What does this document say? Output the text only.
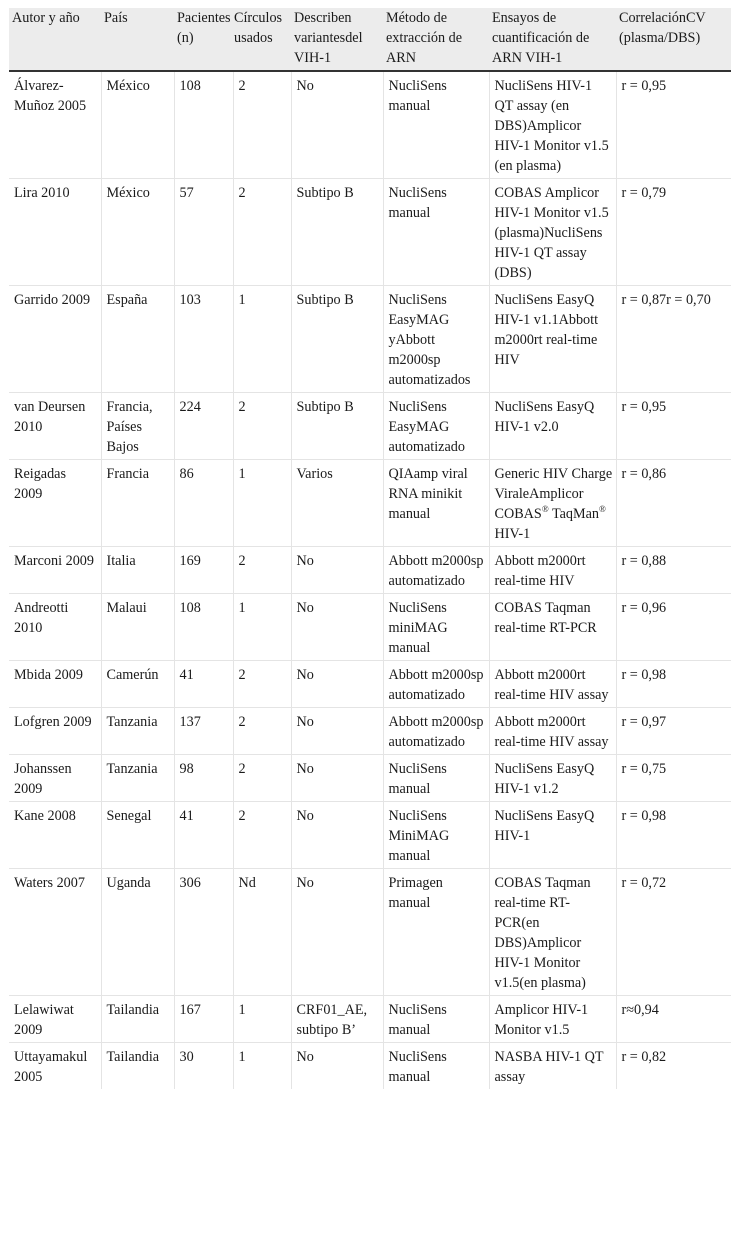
Autor y año	País	Pacientes (n)	Círculos usados	Describen variantesdel VIH-1	Método de extracción de ARN	Ensayos de cuantificación de ARN VIH-1	CorrelaciónCV (plasma/DBS)
Álvarez-Muñoz 2005	México	108	2	No	NucliSens manual	NucliSens HIV-1 QT assay (en DBS)Amplicor HIV-1 Monitor v1.5 (en plasma)	r = 0,95
Lira 2010	México	57	2	Subtipo B	NucliSens manual	COBAS Amplicor HIV-1 Monitor v1.5 (plasma)NucliSens HIV-1 QT assay (DBS)	r = 0,79
Garrido 2009	España	103	1	Subtipo B	NucliSens EasyMAG yAbbott m2000sp automatizados	NucliSens EasyQ HIV-1 v1.1Abbott m2000rt real-time HIV	r = 0,87r = 0,70
van Deursen 2010	Francia, Países Bajos	224	2	Subtipo B	NucliSens EasyMAG automatizado	NucliSens EasyQ HIV-1 v2.0	r = 0,95
Reigadas 2009	Francia	86	1	Varios	QIAamp viral RNA minikit manual	Generic HIV Charge ViraleAmplicor COBAS® TaqMan® HIV-1	r = 0,86
Marconi 2009	Italia	169	2	No	Abbott m2000sp automatizado	Abbott m2000rt real-time HIV	r = 0,88
Andreotti 2010	Malaui	108	1	No	NucliSens miniMAG manual	COBAS Taqman real-time RT-PCR	r = 0,96
Mbida 2009	Camerún	41	2	No	Abbott m2000sp automatizado	Abbott m2000rt real-time HIV assay	r = 0,98
Lofgren 2009	Tanzania	137	2	No	Abbott m2000sp automatizado	Abbott m2000rt real-time HIV assay	r = 0,97
Johanssen 2009	Tanzania	98	2	No	NucliSens manual	NucliSens EasyQ HIV-1 v1.2	r = 0,75
Kane 2008	Senegal	41	2	No	NucliSens MiniMAG manual	NucliSens EasyQ HIV-1	r = 0,98
Waters 2007	Uganda	306	Nd	No	Primagen manual	COBAS Taqman real-time RT-PCR(en DBS)Amplicor HIV-1 Monitor v1.5(en plasma)	r = 0,72
Lelawiwat 2009	Tailandia	167	1	CRF01_AE, subtipo B’	NucliSens manual	Amplicor HIV-1 Monitor v1.5	r≈0,94
Uttayamakul 2005	Tailandia	30	1	No	NucliSens manual	NASBA HIV-1 QT assay	r = 0,82
